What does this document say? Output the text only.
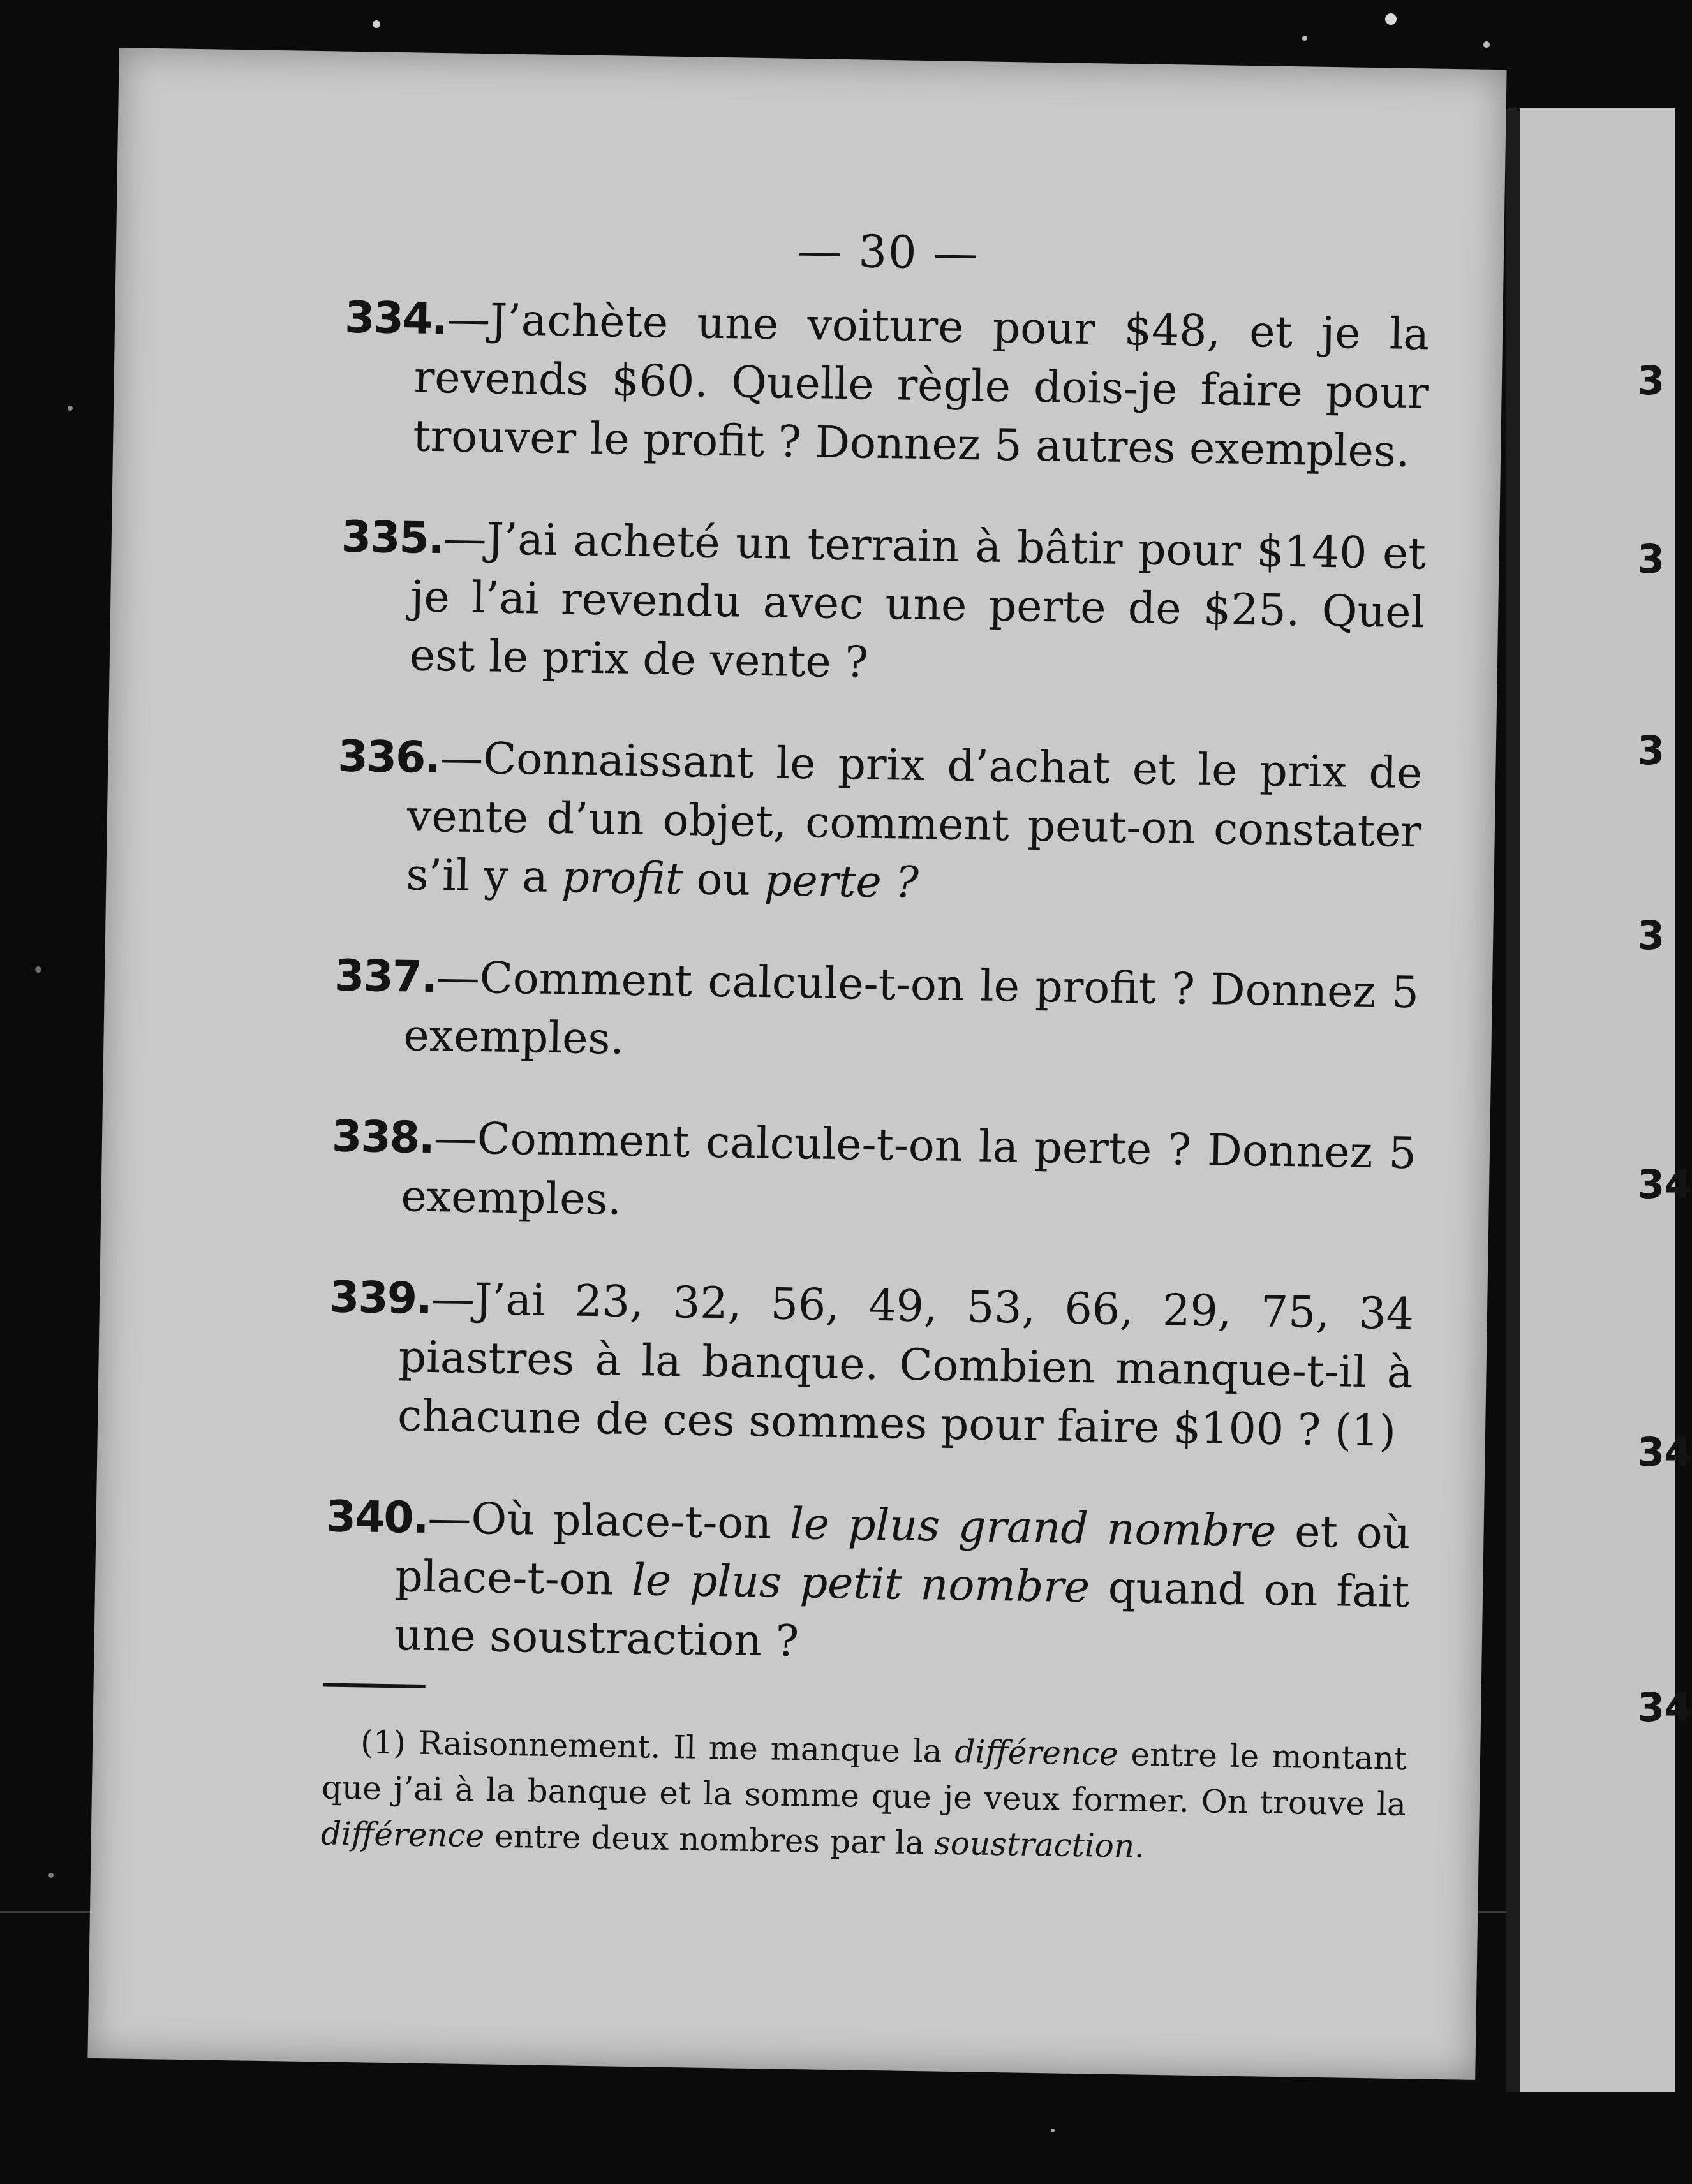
— 30 —

334.—J’achète une voiture pour $48, et je la revends $60. Quelle règle dois-je faire pour trouver le profit ? Donnez 5 autres exemples.

335.—J’ai acheté un terrain à bâtir pour $140 et je l’ai revendu avec une perte de $25. Quel est le prix de vente ?

336.—Connaissant le prix d’achat et le prix de vente d’un objet, comment peut-on constater s’il y a profit ou perte ?

337.—Comment calcule-t-on le profit ? Donnez 5 exemples.

338.—Comment calcule-t-on la perte ? Donnez 5 exemples.

339.—J’ai 23, 32, 56, 49, 53, 66, 29, 75, 34 piastres à la banque. Combien manque-t-il à chacune de ces sommes pour faire $100 ? (1)

340.—Où place-t-on le plus grand nombre et où place-t-on le plus petit nombre quand on fait une soustraction ?

(1) Raisonnement. Il me manque la différence entre le montant que j’ai à la banque et la somme que je veux former. On trouve la différence entre deux nombres par la soustraction.

3
3
3
3
34
34
34
